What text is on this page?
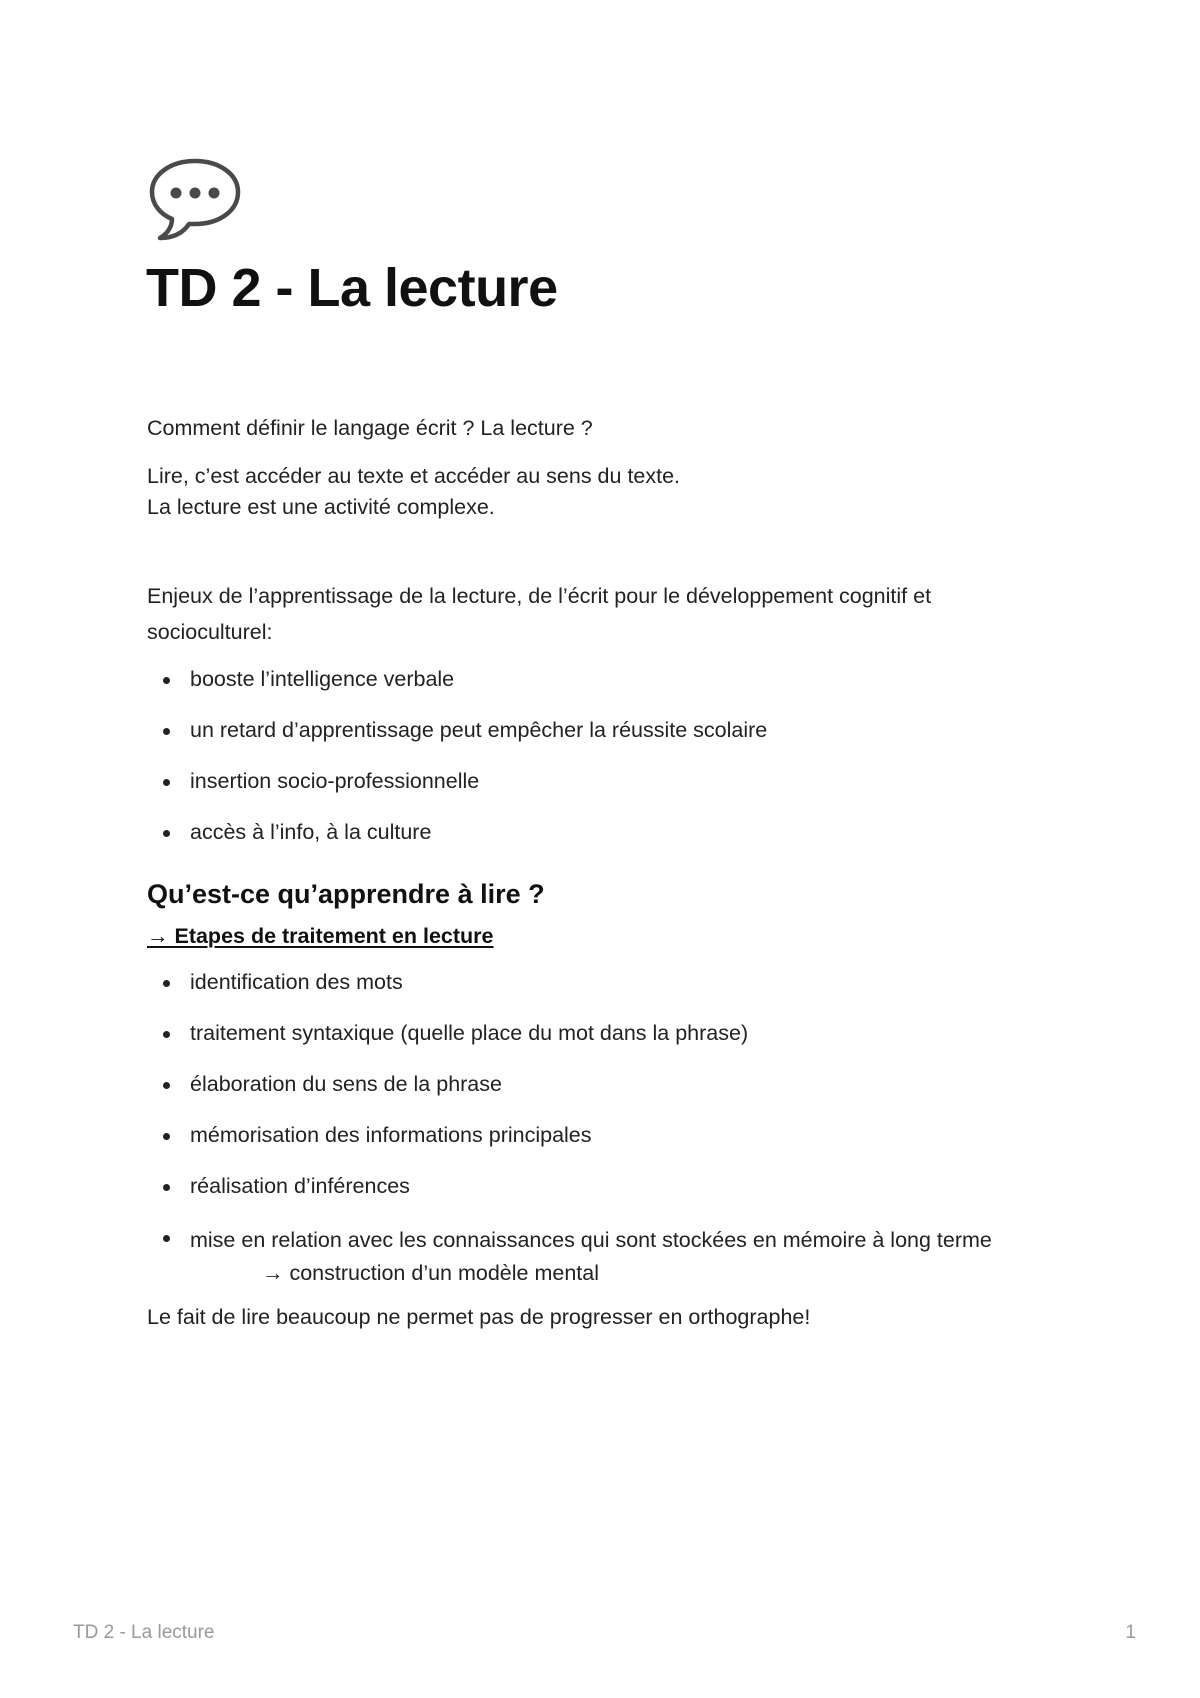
TD 2 - La lecture

Comment définir le langage écrit ? La lecture ?

Lire, c’est accéder au texte et accéder au sens du texte.
La lecture est une activité complexe.

Enjeux de l’apprentissage de la lecture, de l’écrit pour le développement cognitif et socioculturel:

booste l’intelligence verbale
un retard d’apprentissage peut empêcher la réussite scolaire
insertion socio-professionnelle
accès à l’info, à la culture
Qu’est-ce qu’apprendre à lire ?
→ Etapes de traitement en lecture
identification des mots
traitement syntaxique (quelle place du mot dans la phrase)
élaboration du sens de la phrase
mémorisation des informations principales
réalisation d’inférences
mise en relation avec les connaissances qui sont stockées en mémoire à long terme

→ construction d’un modèle mental

Le fait de lire beaucoup ne permet pas de progresser en orthographe!

TD 2 - La lecture	1
